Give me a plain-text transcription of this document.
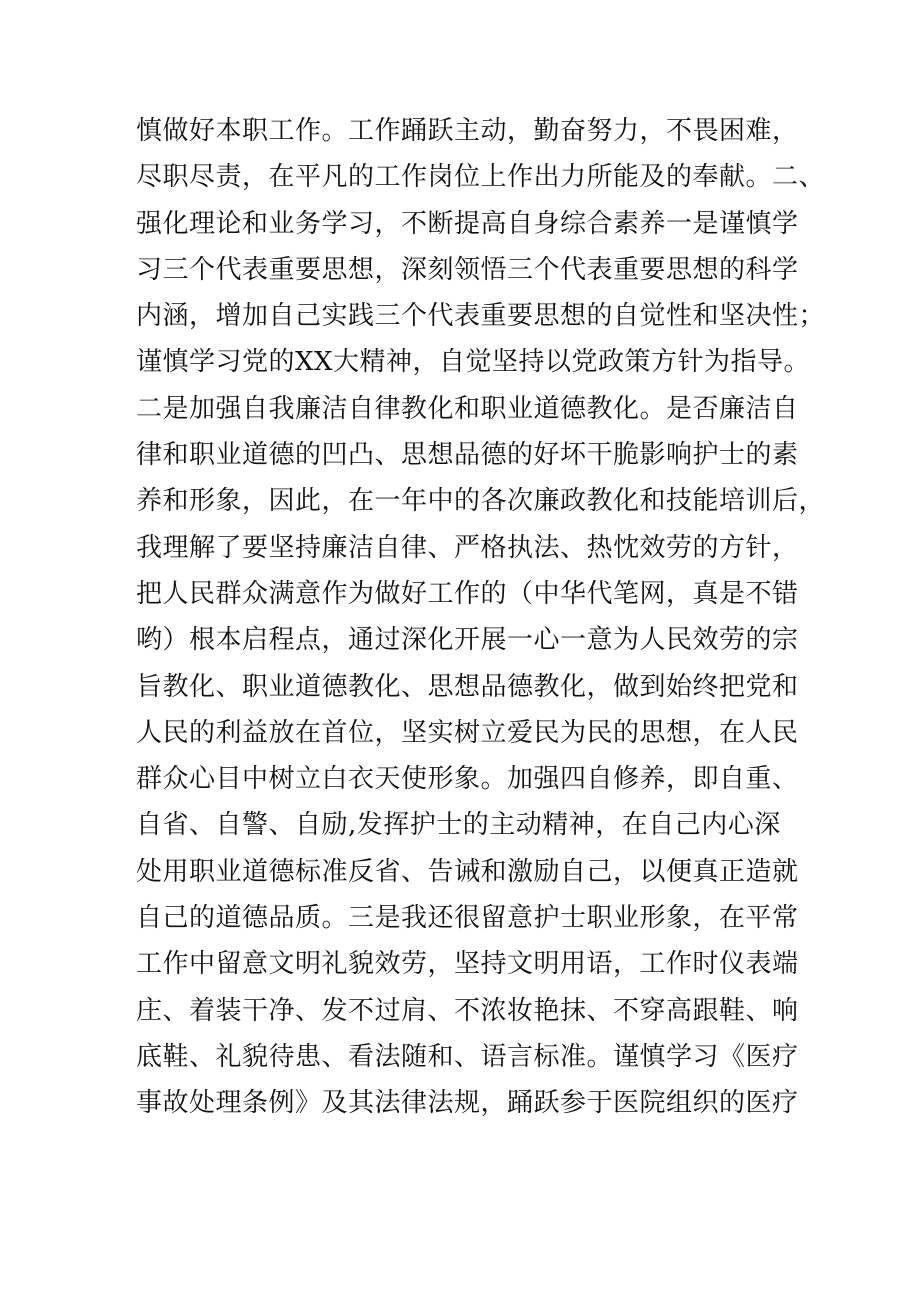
慎做好本职工作。工作踊跃主动，勤奋努力，不畏困难，
尽职尽责，在平凡的工作岗位上作出力所能及的奉献。二、
强化理论和业务学习，不断提高自身综合素养一是谨慎学
习三个代表重要思想，深刻领悟三个代表重要思想的科学
内涵，增加自己实践三个代表重要思想的自觉性和坚决性；
谨慎学习党的XX大精神，自觉坚持以党政策方针为指导。
二是加强自我廉洁自律教化和职业道德教化。是否廉洁自
律和职业道德的凹凸、思想品德的好坏干脆影响护士的素
养和形象，因此，在一年中的各次廉政教化和技能培训后，
我理解了要坚持廉洁自律、严格执法、热忱效劳的方针，
把人民群众满意作为做好工作的（中华代笔网，真是不错
哟）根本启程点，通过深化开展一心一意为人民效劳的宗
旨教化、职业道德教化、思想品德教化，做到始终把党和
人民的利益放在首位，坚实树立爱民为民的思想，在人民
群众心目中树立白衣天使形象。加强四自修养，即自重、
自省、自警、自励,发挥护士的主动精神，在自己内心深
处用职业道德标准反省、告诫和激励自己，以便真正造就
自己的道德品质。三是我还很留意护士职业形象，在平常
工作中留意文明礼貌效劳，坚持文明用语，工作时仪表端
庄、着装干净、发不过肩、不浓妆艳抹、不穿高跟鞋、响
底鞋、礼貌待患、看法随和、语言标准。谨慎学习《医疗
事故处理条例》及其法律法规，踊跃参于医院组织的医疗
